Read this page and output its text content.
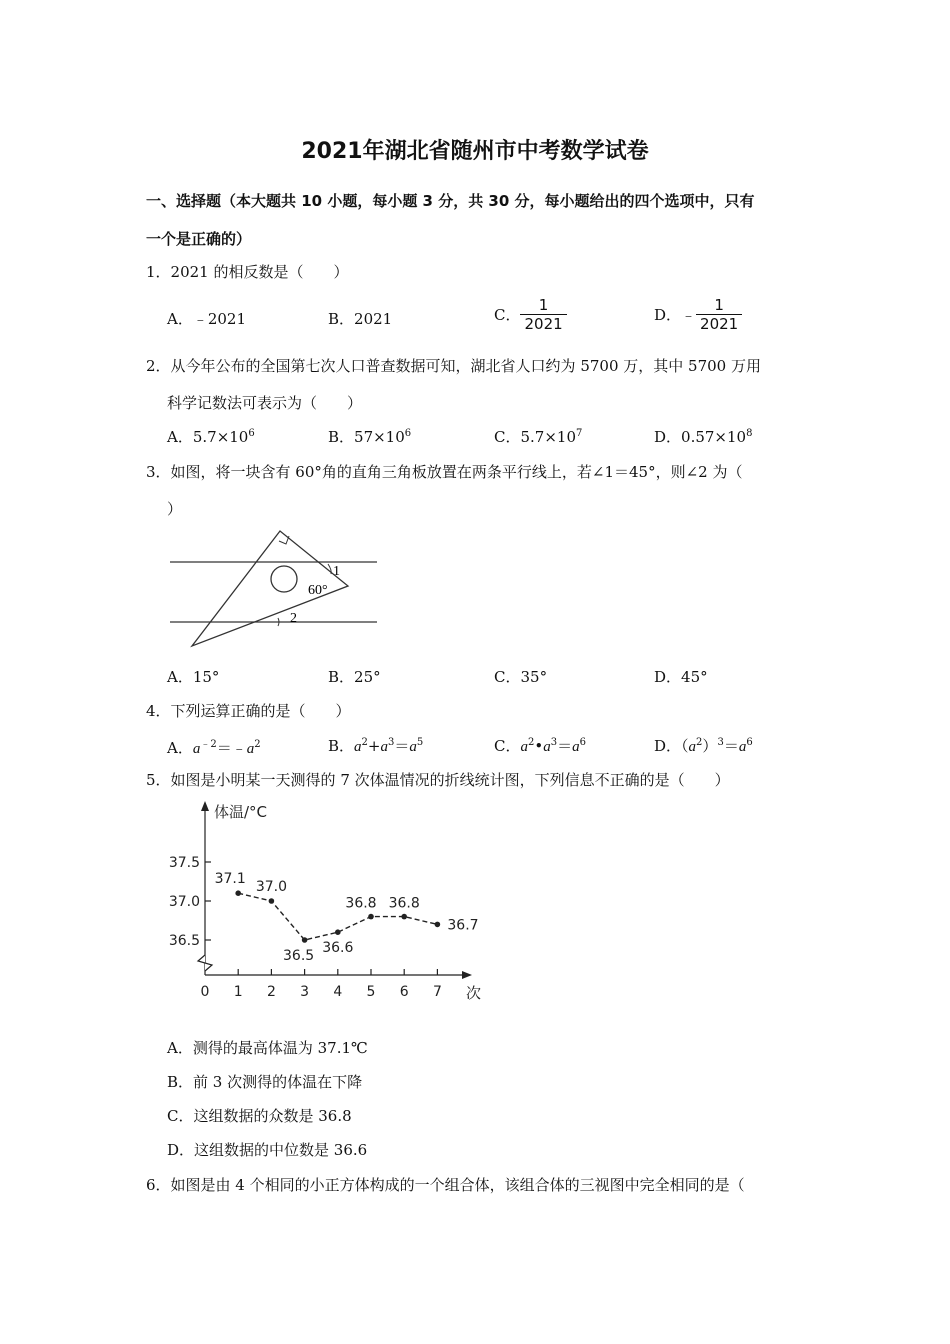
2021年湖北省随州市中考数学试卷
一、选择题（本大题共 10 小题，每小题 3 分，共 30 分，每小题给出的四个选项中，只有
一个是正确的）
1．2021 的相反数是（　　）
A．﹣2021	B．2021	C． $\frac{1}{2021}$	D．﹣ $\frac{1}{2021}$
2．从今年公布的全国第七次人口普查数据可知，湖北省人口约为 5700 万，其中 5700 万用
科学记数法可表示为（　　）
A．$5.7\times 10^6$	B．$57\times 10^6$	C．$5.7\times 10^7$	D．$0.57\times 10^8$
3．如图，将一块含有 60°角的直角三角板放置在两条平行线上，若∠1＝45°，则∠2 为（
）
1
2
60°
A．15°	B．25°	C．35°	D．45°
4．下列运算正确的是（　　）
A．$a^{﹣2}=﹣a^2$	B．$a^2+a^3=a^5$	C．$a^2•a^3=a^6$	D．$(a^2)^3=a^6$
5．如图是小明某一天测得的 7 次体温情况的折线统计图，下列信息不正确的是（　　）
体温/°C
次
0 1 2 3 4 5 6 7
36.5
37.0
37.5
37.1 37.0
36.5 36.6
36.8 36.8
36.7
A．测得的最高体温为 37.1℃
B．前 3 次测得的体温在下降
C．这组数据的众数是 36.8
D．这组数据的中位数是 36.6
6．如图是由 4 个相同的小正方体构成的一个组合体，该组合体的三视图中完全相同的是（
